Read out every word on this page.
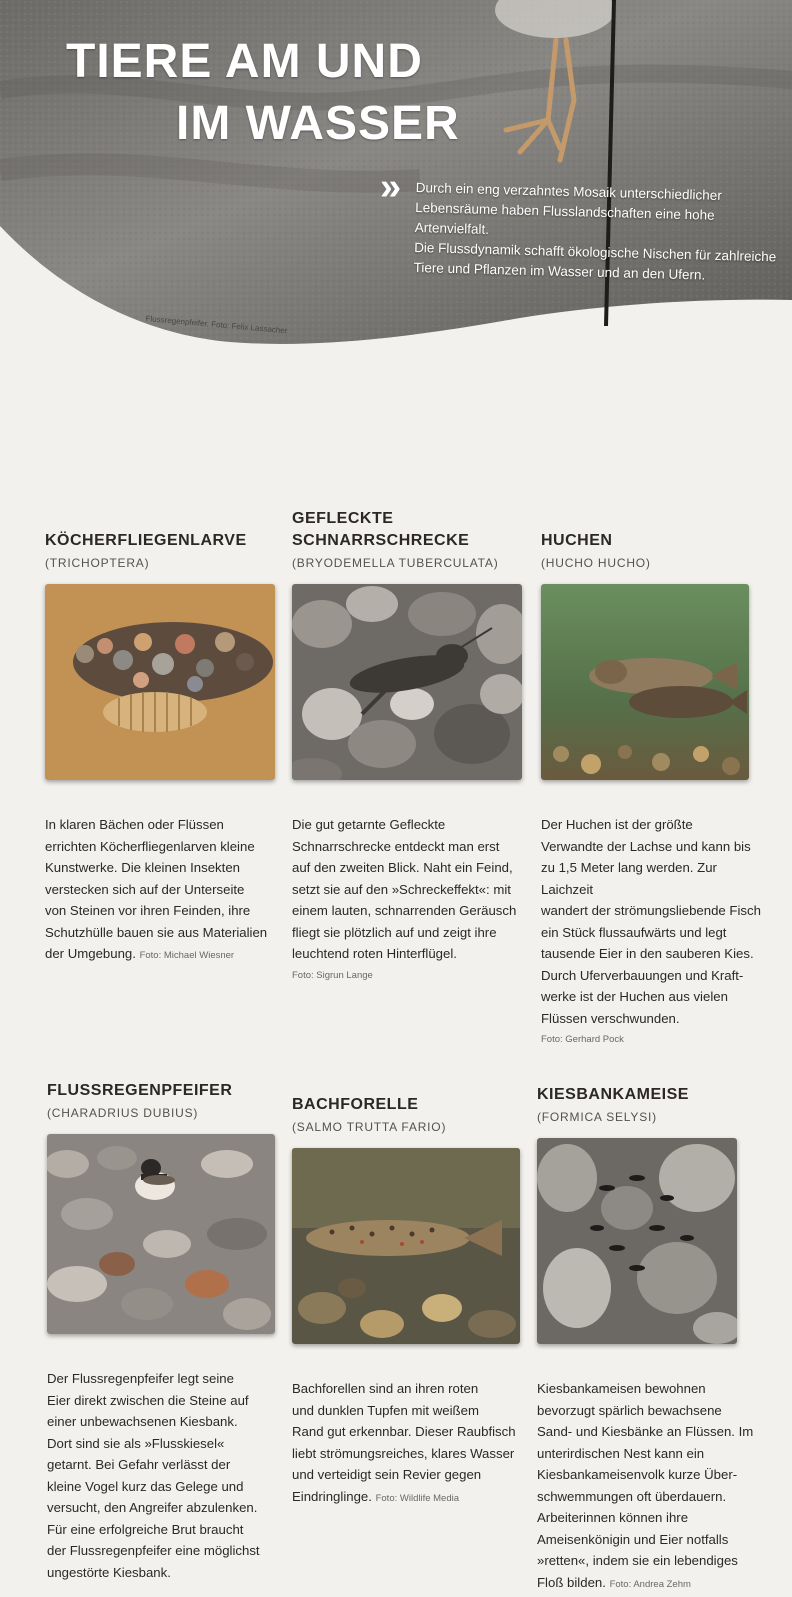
TIERE AM UND
IM WASSER
» Durch ein eng verzahntes Mosaik unterschiedlicher
Lebensräume haben Flusslandschaften eine hohe Artenvielfalt.
Die Flussdynamik schafft ökologische Nischen für zahlreiche
Tiere und Pflanzen im Wasser und an den Ufern.
Flussregenpfeifer. Foto: Felix Lassacher
KÖCHERFLIEGENLARVE
(TRICHOPTERA)
In klaren Bächen oder Flüssen
errichten Köcherfliegenlarven kleine
Kunstwerke. Die kleinen Insekten
verstecken sich auf der Unterseite
von Steinen vor ihren Feinden, ihre
Schutzhülle bauen sie aus Materialien
der Umgebung. Foto: Michael Wiesner
GEFLECKTE
SCHNARRSCHRECKE
(BRYODEMELLA TUBERCULATA)
Die gut getarnte Gefleckte
Schnarrschrecke entdeckt man erst
auf den zweiten Blick. Naht ein Feind,
setzt sie auf den »Schreckeffekt«: mit
einem lauten, schnarrenden Geräusch
fliegt sie plötzlich auf und zeigt ihre
leuchtend roten Hinterflügel.
Foto: Sigrun Lange
HUCHEN
(HUCHO HUCHO)
Der Huchen ist der größte
Verwandte der Lachse und kann bis
zu 1,5 Meter lang werden. Zur Laichzeit
wandert der strömungsliebende Fisch
ein Stück flussaufwärts und legt
tausende Eier in den sauberen Kies.
Durch Uferverbauungen und Kraft-
werke ist der Huchen aus vielen
Flüssen verschwunden.
Foto: Gerhard Pock
FLUSSREGENPFEIFER
(CHARADRIUS DUBIUS)
Der Flussregenpfeifer legt seine
Eier direkt zwischen die Steine auf
einer unbewachsenen Kiesbank.
Dort sind sie als »Flusskiesel«
getarnt. Bei Gefahr verlässt der
kleine Vogel kurz das Gelege und
versucht, den Angreifer abzulenken.
Für eine erfolgreiche Brut braucht
der Flussregenpfeifer eine möglichst
ungestörte Kiesbank.
BACHFORELLE
(SALMO TRUTTA FARIO)
Bachforellen sind an ihren roten
und dunklen Tupfen mit weißem
Rand gut erkennbar. Dieser Raubfisch
liebt strömungsreiches, klares Wasser
und verteidigt sein Revier gegen
Eindringlinge. Foto: Wildlife Media
KIESBANKAMEISE
(FORMICA SELYSI)
Kiesbankameisen bewohnen
bevorzugt spärlich bewachsene
Sand- und Kiesbänke an Flüssen. Im
unterirdischen Nest kann ein
Kiesbankameisenvolk kurze Über-
schwemmungen oft überdauern.
Arbeiterinnen können ihre
Ameisenkönigin und Eier notfalls
»retten«, indem sie ein lebendiges
Floß bilden. Foto: Andrea Zehm
